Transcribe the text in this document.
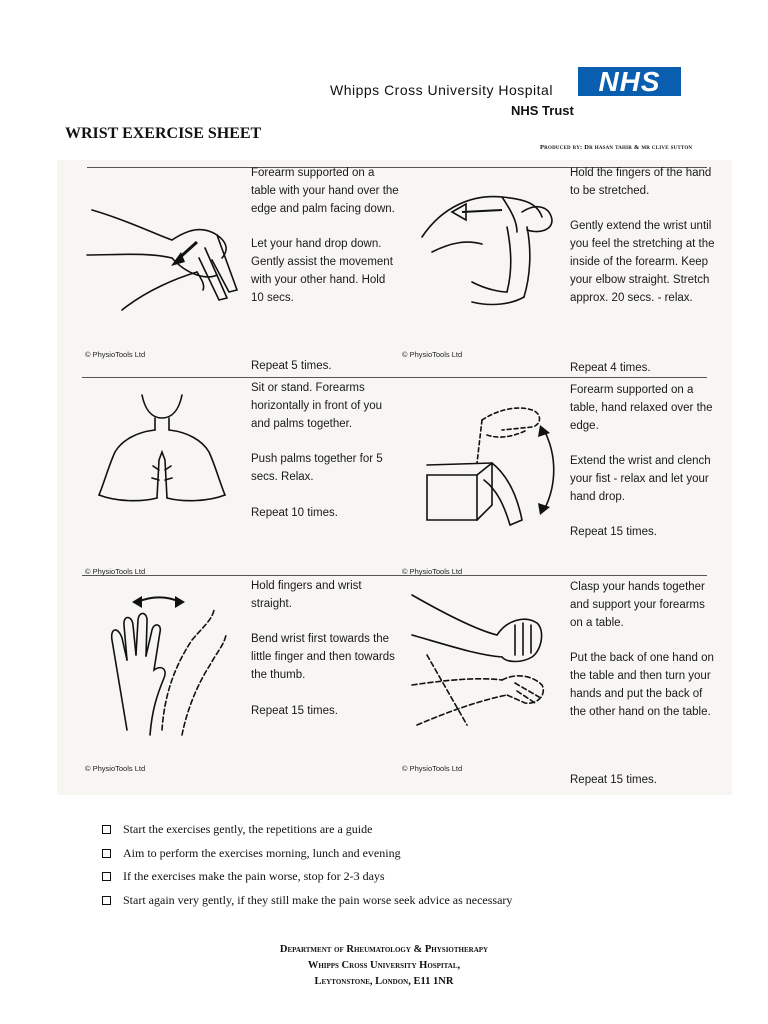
Whipps Cross University Hospital	NHS
NHS Trust
WRIST EXERCISE SHEET
Produced by: Dr hasan tahir & mr clive sutton

Forearm supported on a table with your hand over the edge and palm facing down.

Let your hand drop down. Gently assist the movement with your other hand. Hold 10 secs.

© PhysioTools Ltd
Repeat 5 times.

Hold the fingers of the hand to be stretched.

Gently extend the wrist until you feel the stretching at the inside of the forearm. Keep your elbow straight. Stretch approx. 20 secs. - relax.

© PhysioTools Ltd
Repeat 4 times.

Sit or stand. Forearms horizontally in front of you and palms together.

Push palms together for 5 secs. Relax.

Repeat 10 times.

© PhysioTools Ltd

Forearm supported on a table, hand relaxed over the edge.

Extend the wrist and clench your fist - relax and let your hand drop.

Repeat 15 times.

© PhysioTools Ltd

Hold fingers and wrist straight.

Bend wrist first towards the little finger and then towards the thumb.

Repeat 15 times.

© PhysioTools Ltd

Clasp your hands together and support your forearms on a table.

Put the back of one hand on the table and then turn your hands and put the back of the other hand on the table.

© PhysioTools Ltd
Repeat 15 times.
Start the exercises gently, the repetitions are a guide
Aim to perform the exercises morning, lunch and evening
If the exercises make the pain worse, stop for 2-3 days
Start again very gently, if they still make the pain worse seek advice as necessary
Department of Rheumatology & Physiotherapy
Whipps Cross University Hospital,
Leytonstone, London, E11 1NR
